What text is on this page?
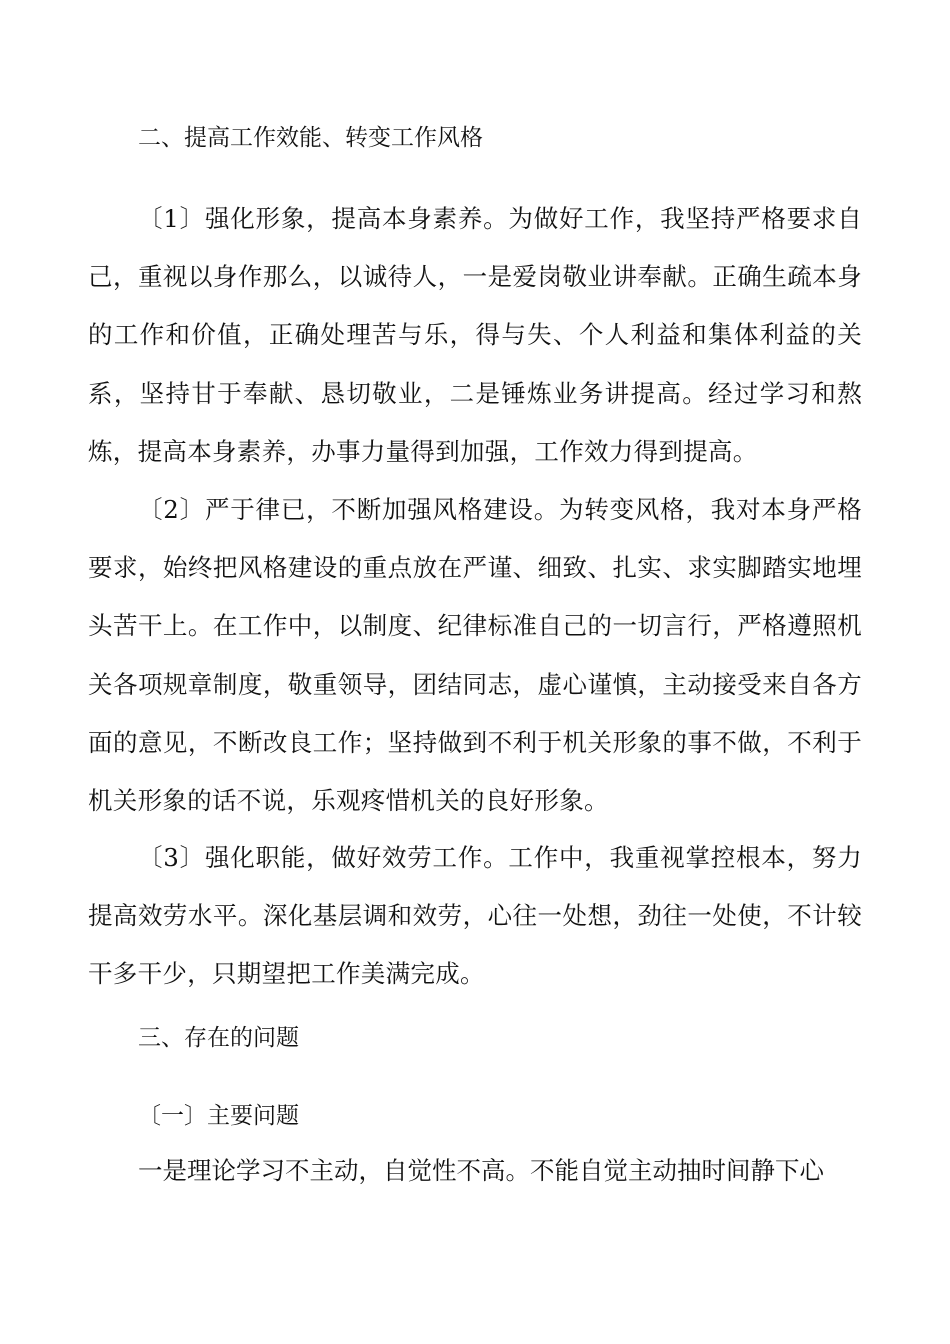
二、提高工作效能、转变工作风格

〔1〕强化形象，提高本身素养。为做好工作，我坚持严格要求自己，重视以身作那么，以诚待人，一是爱岗敬业讲奉献。正确生疏本身的工作和价值，正确处理苦与乐，得与失、个人利益和集体利益的关系，坚持甘于奉献、恳切敬业，二是锤炼业务讲提高。经过学习和熬炼，提高本身素养，办事力量得到加强，工作效力得到提高。

〔2〕严于律已，不断加强风格建设。为转变风格，我对本身严格要求，始终把风格建设的重点放在严谨、细致、扎实、求实脚踏实地埋头苦干上。在工作中，以制度、纪律标准自己的一切言行，严格遵照机关各项规章制度，敬重领导，团结同志，虚心谨慎，主动接受来自各方面的意见，不断改良工作；坚持做到不利于机关形象的事不做，不利于机关形象的话不说，乐观疼惜机关的良好形象。

〔3〕强化职能，做好效劳工作。工作中，我重视掌控根本，努力提高效劳水平。深化基层调和效劳，心往一处想，劲往一处使，不计较干多干少，只期望把工作美满完成。

三、存在的问题
〔一〕主要问题

一是理论学习不主动，自觉性不高。不能自觉主动抽时间静下心
